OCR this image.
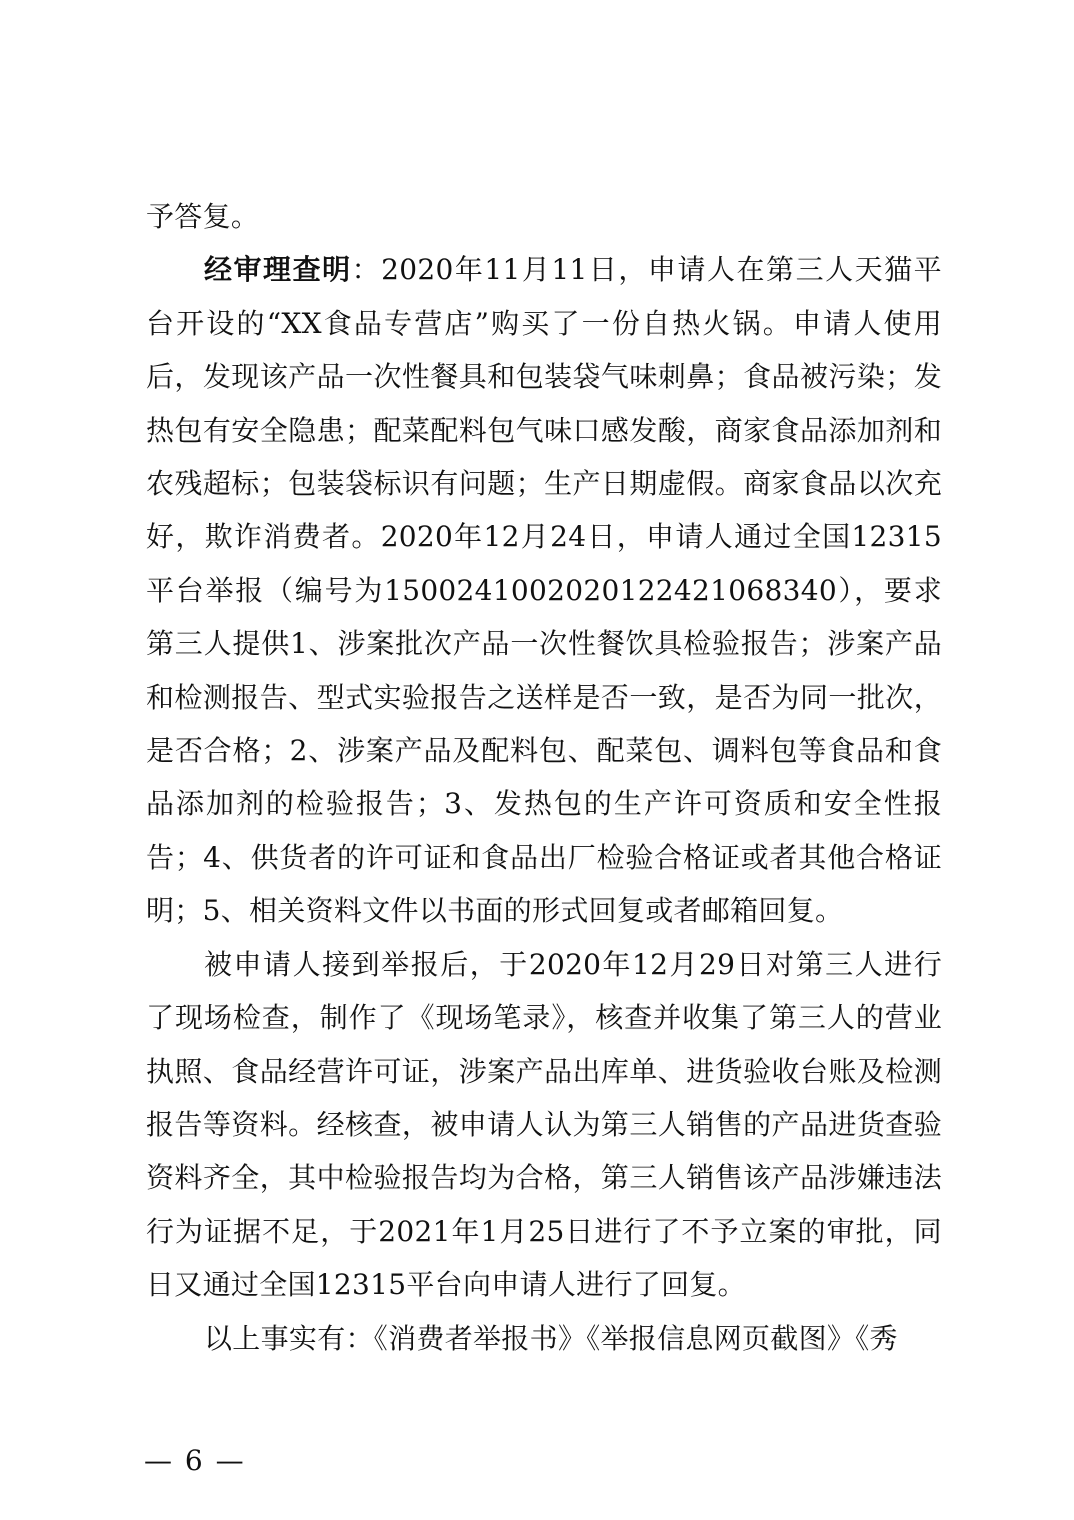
予答复。

经审理查明：2020年11月11日，申请人在第三人天猫平台开设的“XX食品专营店”购买了一份自热火锅。申请人使用后，发现该产品一次性餐具和包装袋气味刺鼻；食品被污染；发热包有安全隐患；配菜配料包气味口感发酸，商家食品添加剂和农残超标；包装袋标识有问题；生产日期虚假。商家食品以次充好，欺诈消费者。2020年12月24日，申请人通过全国12315平台举报（编号为1500241002020122421068340），要求第三人提供1、涉案批次产品一次性餐饮具检验报告；涉案产品和检测报告、型式实验报告之送样是否一致，是否为同一批次，是否合格；2、涉案产品及配料包、配菜包、调料包等食品和食品添加剂的检验报告；3、发热包的生产许可资质和安全性报告；4、供货者的许可证和食品出厂检验合格证或者其他合格证明；5、相关资料文件以书面的形式回复或者邮箱回复。

被申请人接到举报后，于2020年12月29日对第三人进行了现场检查，制作了《现场笔录》，核查并收集了第三人的营业执照、食品经营许可证，涉案产品出库单、进货验收台账及检测报告等资料。经核查，被申请人认为第三人销售的产品进货查验资料齐全，其中检验报告均为合格，第三人销售该产品涉嫌违法行为证据不足，于2021年1月25日进行了不予立案的审批，同日又通过全国12315平台向申请人进行了回复。

以上事实有：《消费者举报书》《举报信息网页截图》《秀

— 6 —
